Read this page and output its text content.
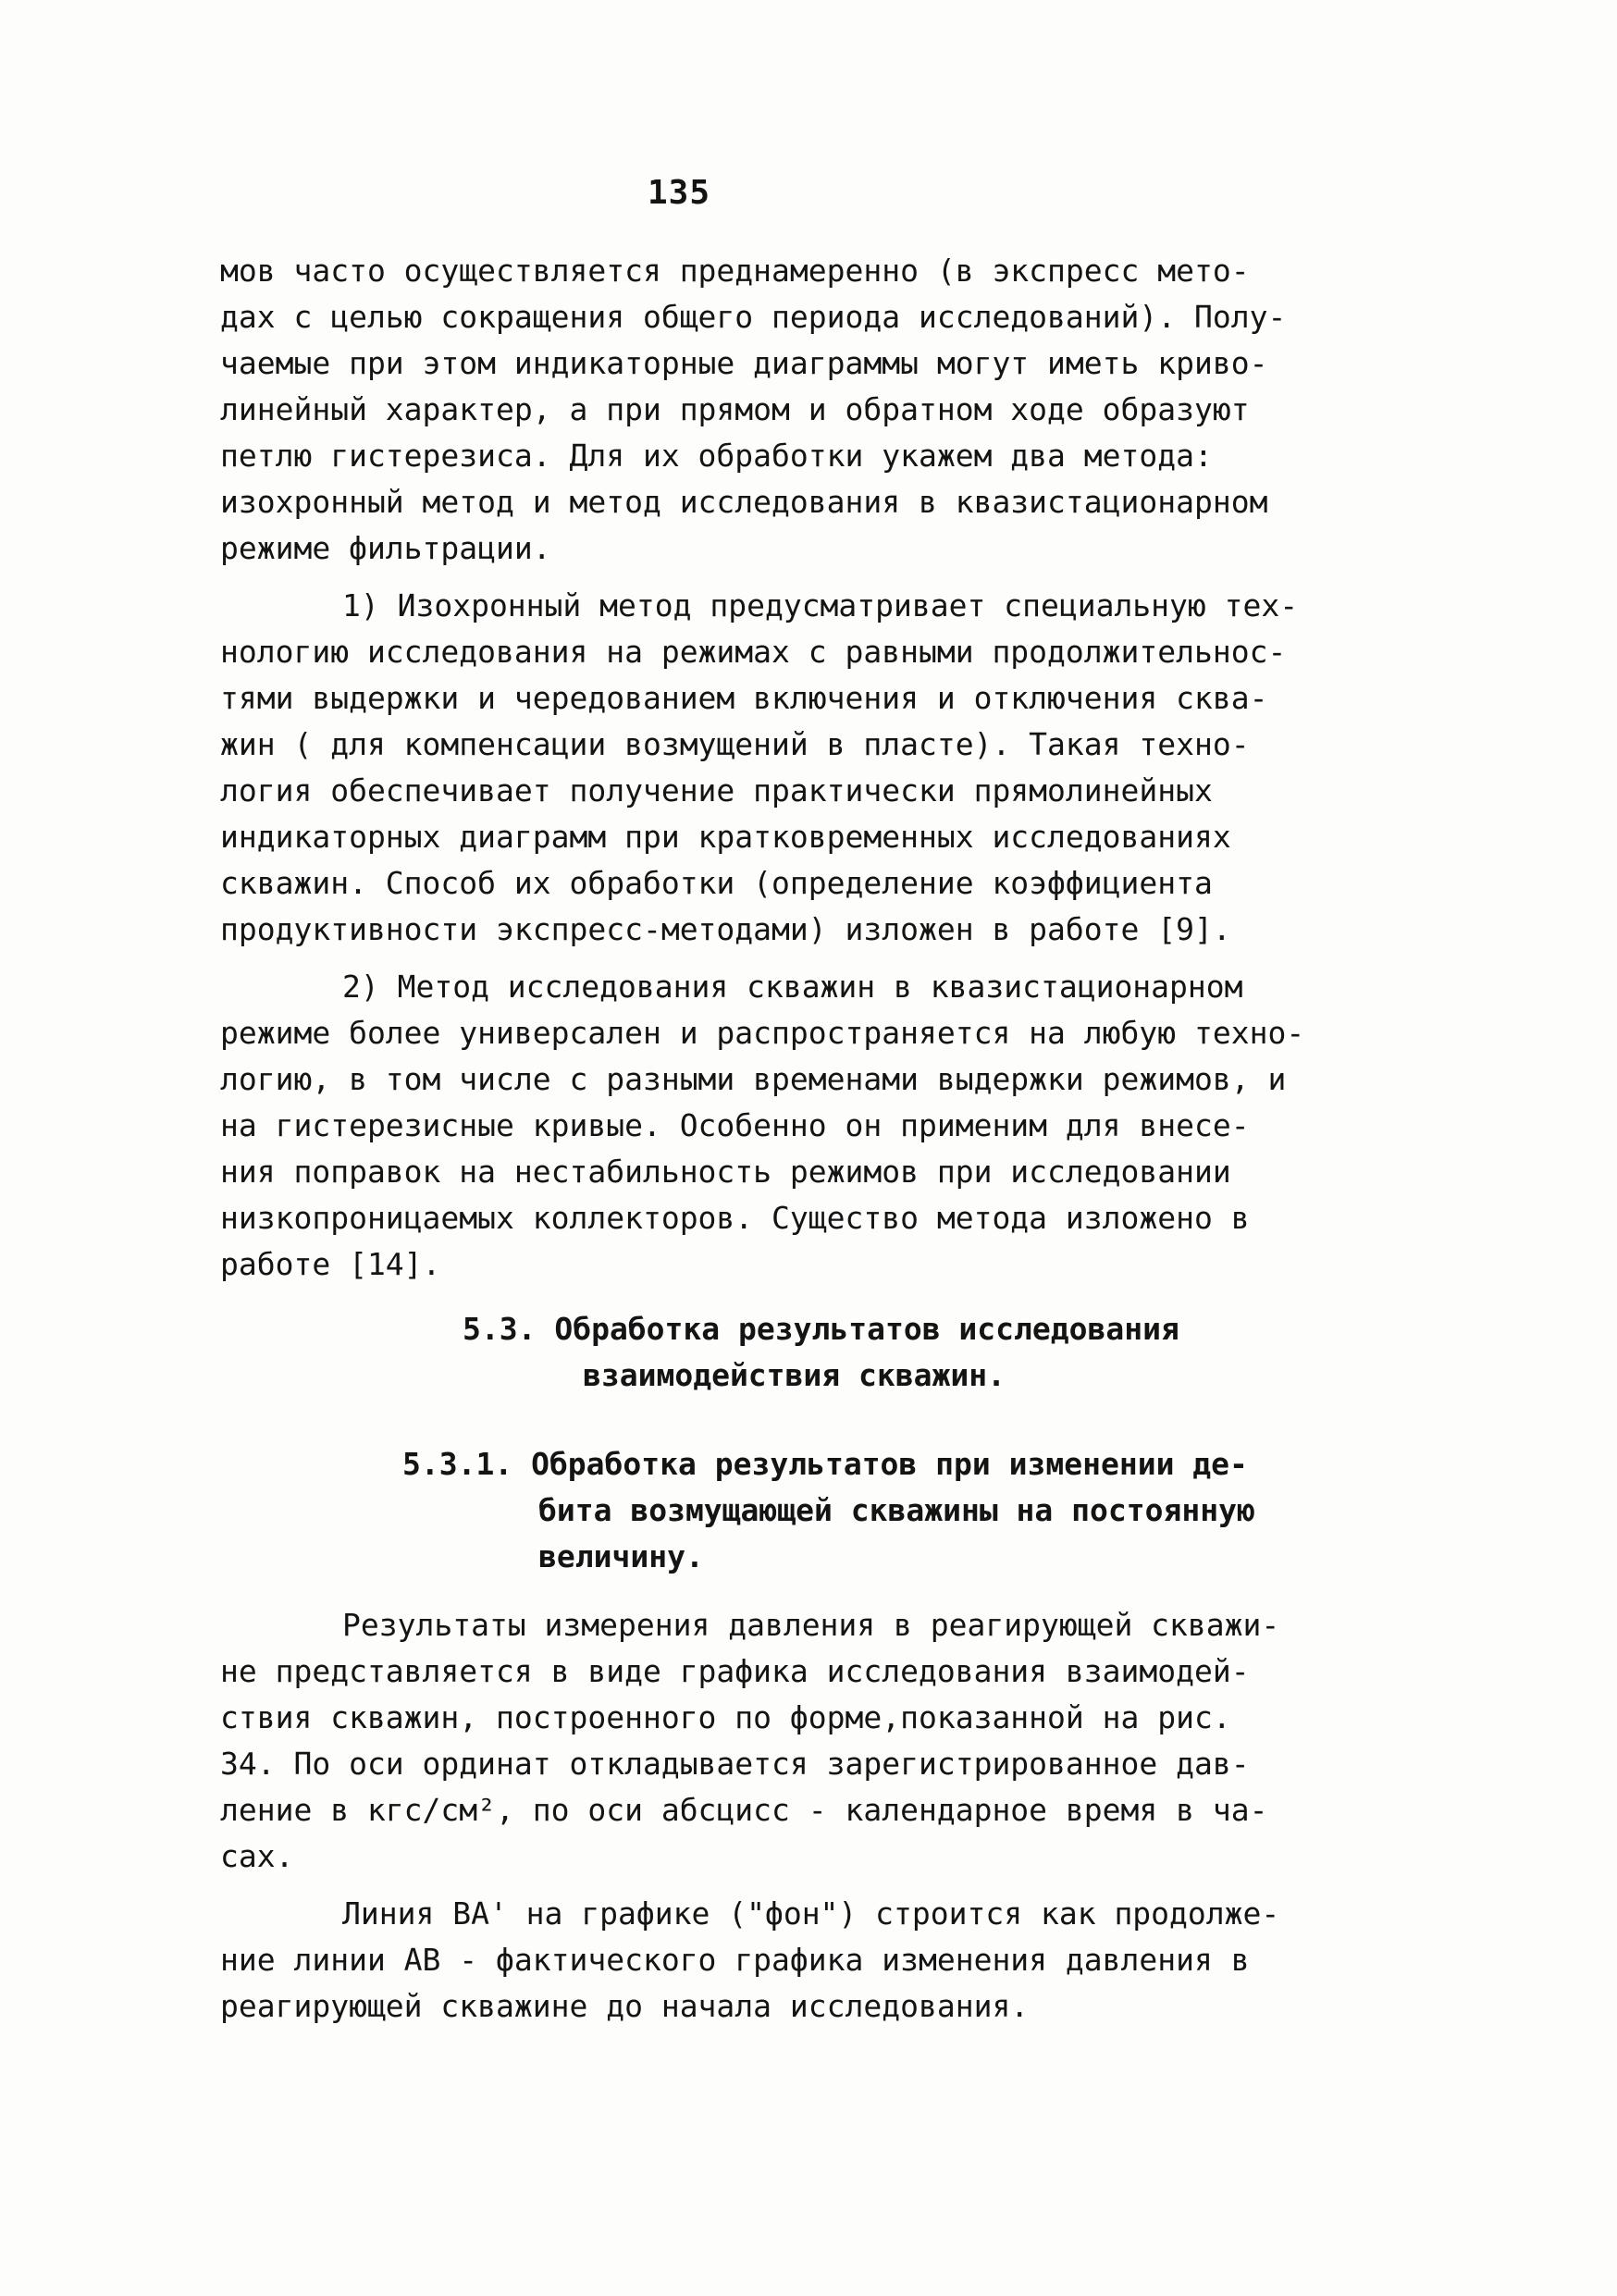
135
мов часто осуществляется преднамеренно (в экспресс мето-
дах с целью сокращения общего периода исследований). Полу-
чаемые при этом индикаторные диаграммы могут иметь криво-
линейный характер, а при прямом и обратном ходе образуют
петлю гистерезиса. Для их обработки укажем два метода:
изохронный метод и метод исследования в квазистационарном
режиме фильтрации.
1) Изохронный метод предусматривает специальную тех-
нологию исследования на режимах с равными продолжительнос-
тями выдержки и чередованием включения и отключения сква-
жин ( для компенсации возмущений в пласте). Такая техно-
логия обеспечивает получение практически прямолинейных
индикаторных диаграмм при кратковременных исследованиях
скважин. Способ их обработки (определение коэффициента
продуктивности экспресс-методами) изложен в работе [9].
2) Метод исследования скважин в квазистационарном
режиме более универсален и распространяется на любую техно-
логию, в том числе с разными временами выдержки режимов, и
на гистерезисные кривые. Особенно он применим для внесе-
ния поправок на нестабильность режимов при исследовании
низкопроницаемых коллекторов. Существо метода изложено в
работе [14].
5.3. Обработка результатов исследования
взаимодействия скважин.
5.3.1. Обработка результатов при изменении де-
бита возмущающей скважины на постоянную
величину.
Результаты измерения давления в реагирующей скважи-
не представляется в виде графика исследования взаимодей-
ствия скважин, построенного по форме,показанной на рис.
34. По оси ординат откладывается зарегистрированное дав-
ление в кгс/см², по оси абсцисс - календарное время в ча-
сах.
Линия ВА' на графике ("фон") строится как продолже-
ние линии АВ - фактического графика изменения давления в
реагирующей скважине до начала исследования.
